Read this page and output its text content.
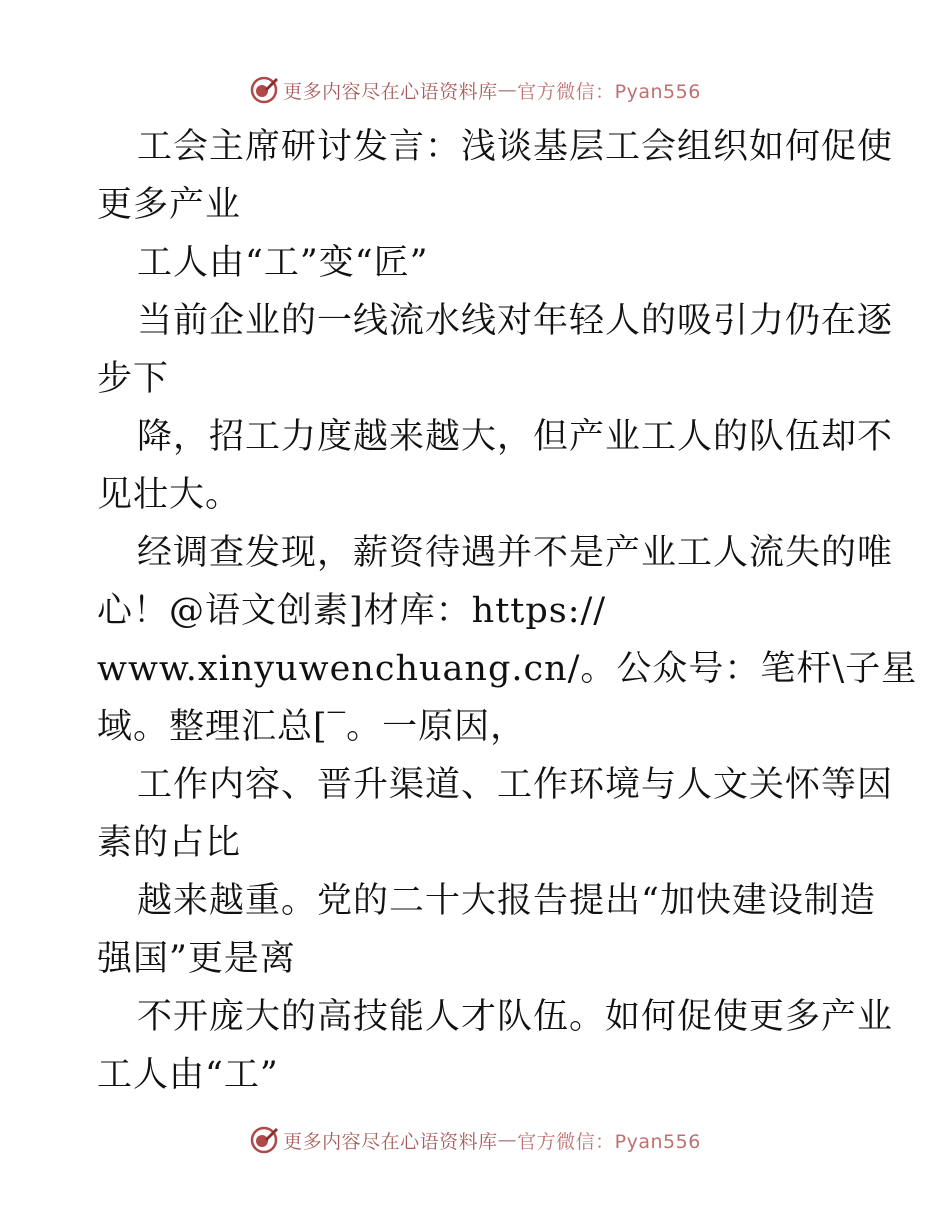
更多内容尽在心语资料库 — 官方微信：Pyan556
工会主席研讨发言：浅谈基层工会组织如何促使
更多产业
工人由“工”变“匠”
当前企业的一线流水线对年轻人的吸引力仍在逐
步下
降，招工力度越来越大，但产业工人的队伍却不
见壮大。
经调查发现，薪资待遇并不是产业工人流失的唯
心！@语文创素]材库：https://
www.xinyuwenchuang.cn/。公众号：笔杆\子星
域。整理汇总[‾。一原因，
工作内容、晋升渠道、工作环境与人文关怀等因
素的占比
越来越重。党的二十大报告提出“加快建设制造
强国”更是离
不开庞大的高技能人才队伍。如何促使更多产业
工人由“工”
更多内容尽在心语资料库 — 官方微信：Pyan556
